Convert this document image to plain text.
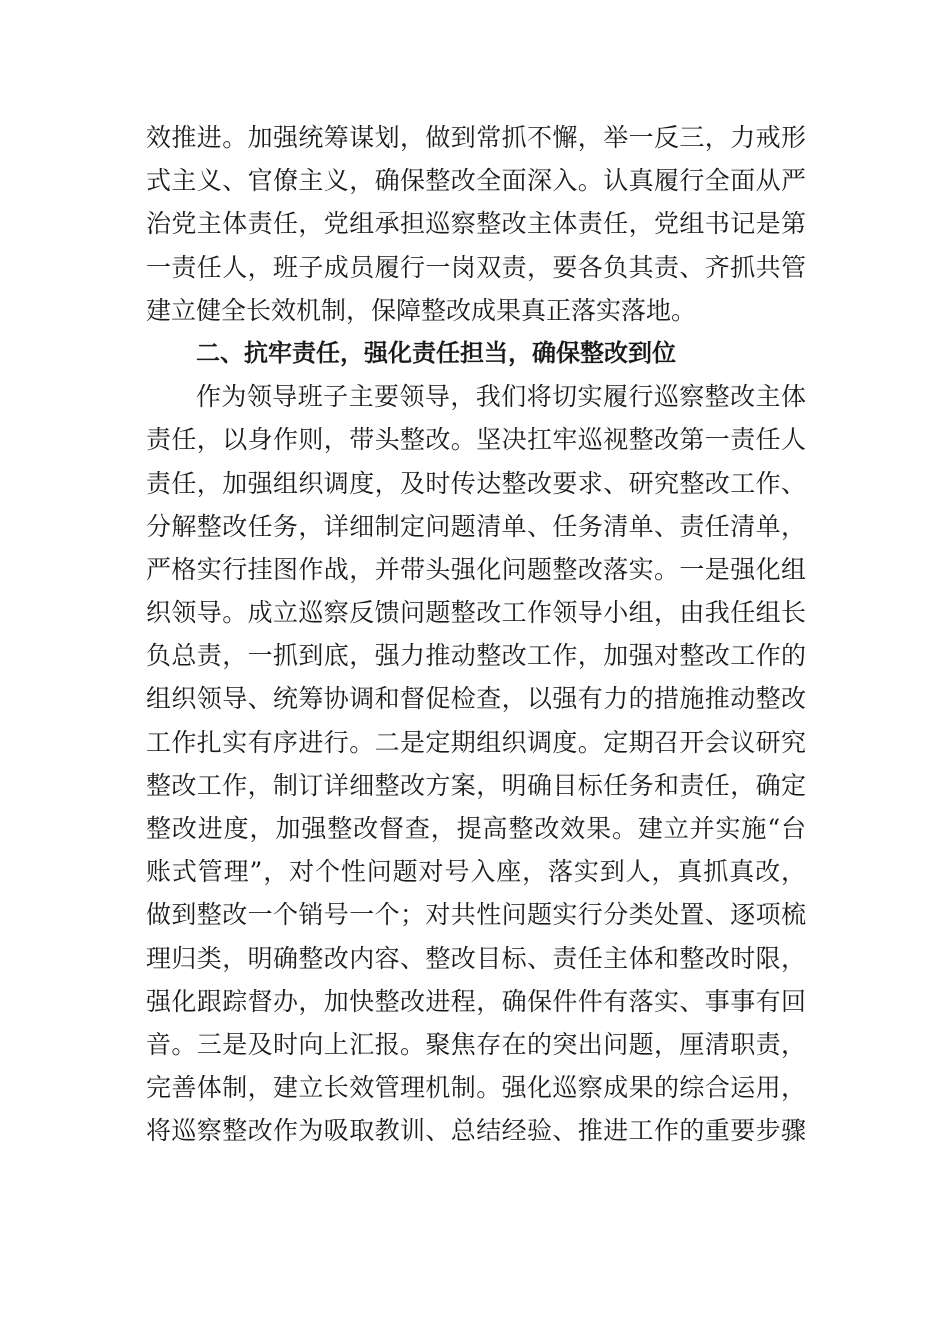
效推进。加强统筹谋划，做到常抓不懈，举一反三，力戒形
式主义、官僚主义，确保整改全面深入。认真履行全面从严
治党主体责任，党组承担巡察整改主体责任，党组书记是第
一责任人，班子成员履行一岗双责，要各负其责、齐抓共管
建立健全长效机制，保障整改成果真正落实落地。
二、抗牢责任，强化责任担当，确保整改到位
作为领导班子主要领导，我们将切实履行巡察整改主体
责任，以身作则，带头整改。坚决扛牢巡视整改第一责任人
责任，加强组织调度，及时传达整改要求、研究整改工作、
分解整改任务，详细制定问题清单、任务清单、责任清单，
严格实行挂图作战，并带头强化问题整改落实。一是强化组
织领导。成立巡察反馈问题整改工作领导小组，由我任组长
负总责，一抓到底，强力推动整改工作，加强对整改工作的
组织领导、统筹协调和督促检查，以强有力的措施推动整改
工作扎实有序进行。二是定期组织调度。定期召开会议研究
整改工作，制订详细整改方案，明确目标任务和责任，确定
整改进度，加强整改督查，提高整改效果。建立并实施“台
账式管理”，对个性问题对号入座，落实到人，真抓真改，
做到整改一个销号一个；对共性问题实行分类处置、逐项梳
理归类，明确整改内容、整改目标、责任主体和整改时限，
强化跟踪督办，加快整改进程，确保件件有落实、事事有回
音。三是及时向上汇报。聚焦存在的突出问题，厘清职责，
完善体制，建立长效管理机制。强化巡察成果的综合运用，
将巡察整改作为吸取教训、总结经验、推进工作的重要步骤
